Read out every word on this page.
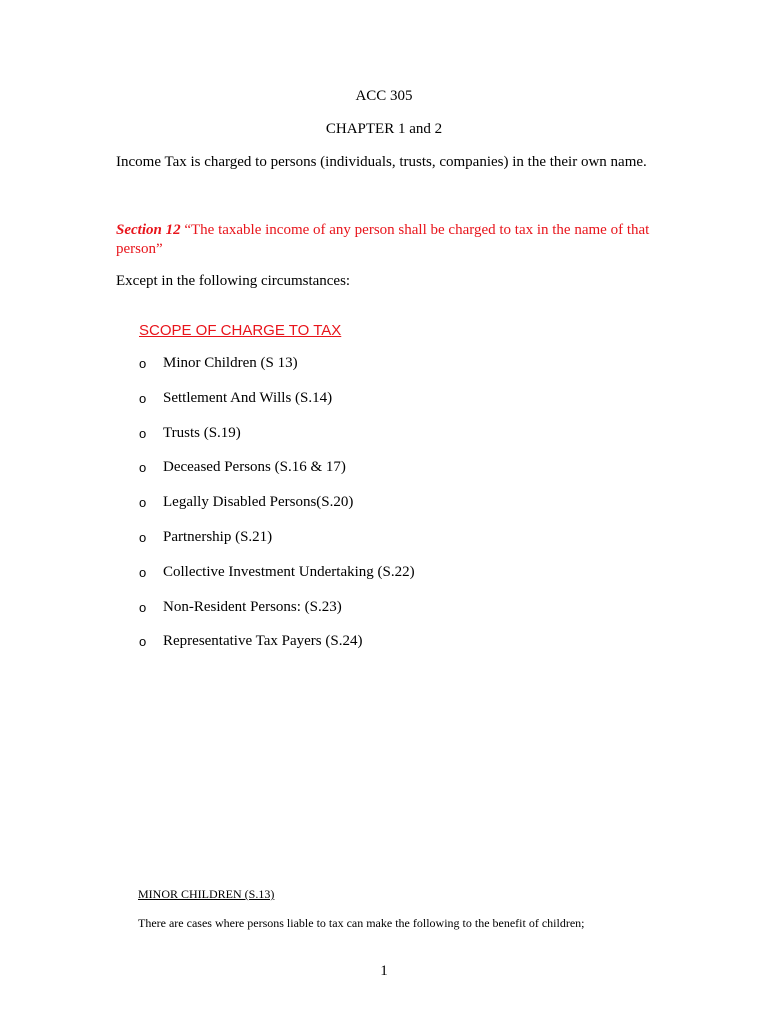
ACC 305
CHAPTER 1 and 2
Income Tax is charged to persons (individuals, trusts, companies) in the their own name.
Section 12 “The taxable income of any person shall be charged to tax in the name of that person”
Except in the following circumstances:
SCOPE OF CHARGE TO TAX
o	Minor Children (S 13)
o	Settlement And Wills (S.14)
o	Trusts (S.19)
o	Deceased Persons (S.16 & 17)
o	Legally Disabled Persons(S.20)
o	Partnership (S.21)
o	Collective Investment Undertaking (S.22)
o	Non-Resident Persons: (S.23)
o	Representative Tax Payers (S.24)
MINOR CHILDREN (S.13)
There are cases where persons liable to tax can make the following to the benefit of children;
1
